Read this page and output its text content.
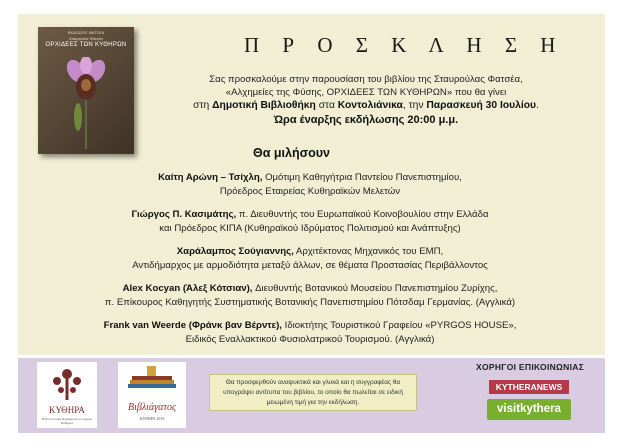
ΕΚΔΟΣΕΙΣ ΦΑΤΣΕΑ
Σταυρούλα Φατσέα
ΟΡΧΙΔΕΕΣ ΤΩΝ ΚΥΘΗΡΩΝ	Π Ρ Ο Σ Κ Λ Η Σ Η
Σας προσκαλούμε στην παρουσίαση του βιβλίου της Σταυρούλας Φατσέα,
«Αλχημείες της Φύσης, ΟΡΧΙΔΕΕΣ ΤΩΝ ΚΥΘΗΡΩΝ» που θα γίνει
στη Δημοτική Βιβλιοθήκη στα Κοντολιάνικα, την Παρασκευή 30 Ιουλίου.
Ώρα έναρξης εκδήλωσης 20:00 μ.μ.
Θα μιλήσουν
Καίτη Αρώνη – Τσίχλη, Ομότιμη Καθηγήτρια Παντείου Πανεπιστημίου,
Πρόεδρος Εταιρείας Κυθηραϊκών Μελετών
Γιώργος Π. Κασιμάτης, π. Διευθυντής του Ευρωπαϊκού Κοινοβουλίου στην Ελλάδα
και Πρόεδρος ΚΙΠΑ (Κυθηραϊκού Ιδρύματος Πολιτισμού και Ανάπτυξης)
Χαράλαμπος Σούγιαννης, Αρχιτέκτονας Μηχανικός του ΕΜΠ,
Αντιδήμαρχος με αρμοδιότητα μεταξύ άλλων, σε θέματα Προστασίας Περιβάλλοντος
Alex Kocyan (Άλεξ Κότσιαν), Διευθυντής Βοτανικού Μουσείου Πανεπιστημίου Ζυρίχης,
π. Επίκουρος Καθηγητής Συστηματικής Βοτανικής Πανεπιστημίου Πότσδαμ Γερμανίας. (Αγγλικά)
Frank van Weerde (Φράνκ βαν Βέρντε), Ιδιοκτήτης Τουριστικού Γραφείου «PYRGOS HOUSE»,
Ειδικός Εναλλακτικού Φυσιολατρικού Τουρισμού. (Αγγλικά)
ΚΥΘΗΡΑ
Η Πολιτιστική Περιφέρεια του Δήμου Κυθήρων
Βιβλιάγατος
ΚΥΘΗΡΑ 2019
Θα προσφερθούν αναψυκτικά και γλυκά και η συγγραφέας θα υπογράψει αντίτυπα του βιβλίου, το οποίο θα πωλείται σε ειδική μειωμένη τιμή για την εκδήλωση.
ΧΟΡΗΓΟΙ ΕΠΙΚΟΙΝΩΝΙΑΣ
KYTHERANEWS
visitkythera
